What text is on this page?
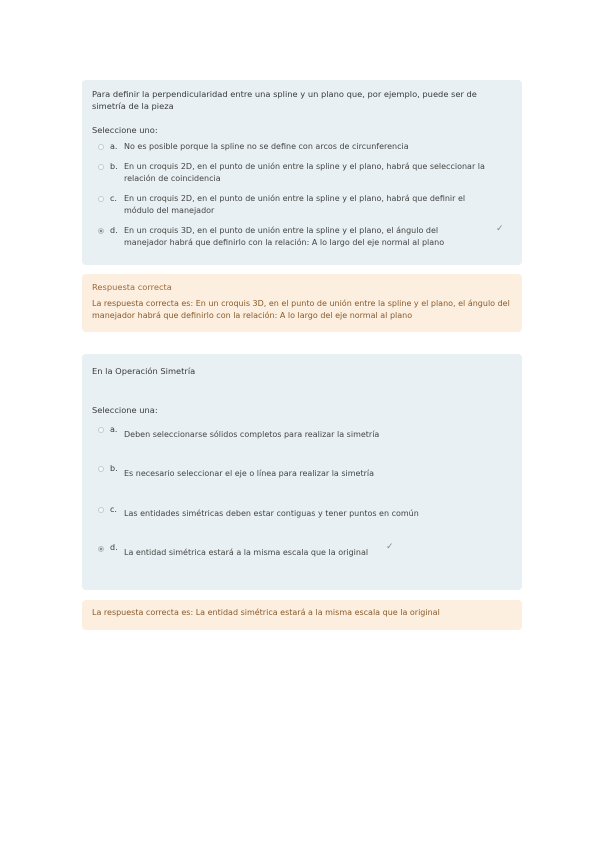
Para definir la perpendicularidad entre una spline y un plano que, por ejemplo, puede ser de simetría de la pieza

Seleccione uno:

a. No es posible porque la spline no se define con arcos de circunferencia
b. En un croquis 2D, en el punto de unión entre la spline y el plano, habrá que seleccionar la relación de coincidencia
c. En un croquis 2D, en el punto de unión entre la spline y el plano, habrá que definir el módulo del manejador
d. En un croquis 3D, en el punto de unión entre la spline y el plano, el ángulo del manejador habrá que definirlo con la relación: A lo largo del eje normal al plano
✓

Respuesta correcta

La respuesta correcta es: En un croquis 3D, en el punto de unión entre la spline y el plano, el ángulo del manejador habrá que definirlo con la relación: A lo largo del eje normal al plano

En la Operación Simetría

Seleccione una:

a.
Deben seleccionarse sólidos completos para realizar la simetría
b.
Es necesario seleccionar el eje o línea para realizar la simetría
c. Las entidades simétricas deben estar contiguas y tener puntos en común
d.
La entidad simétrica estará a la misma escala que la original
✓

La respuesta correcta es: La entidad simétrica estará a la misma escala que la original
